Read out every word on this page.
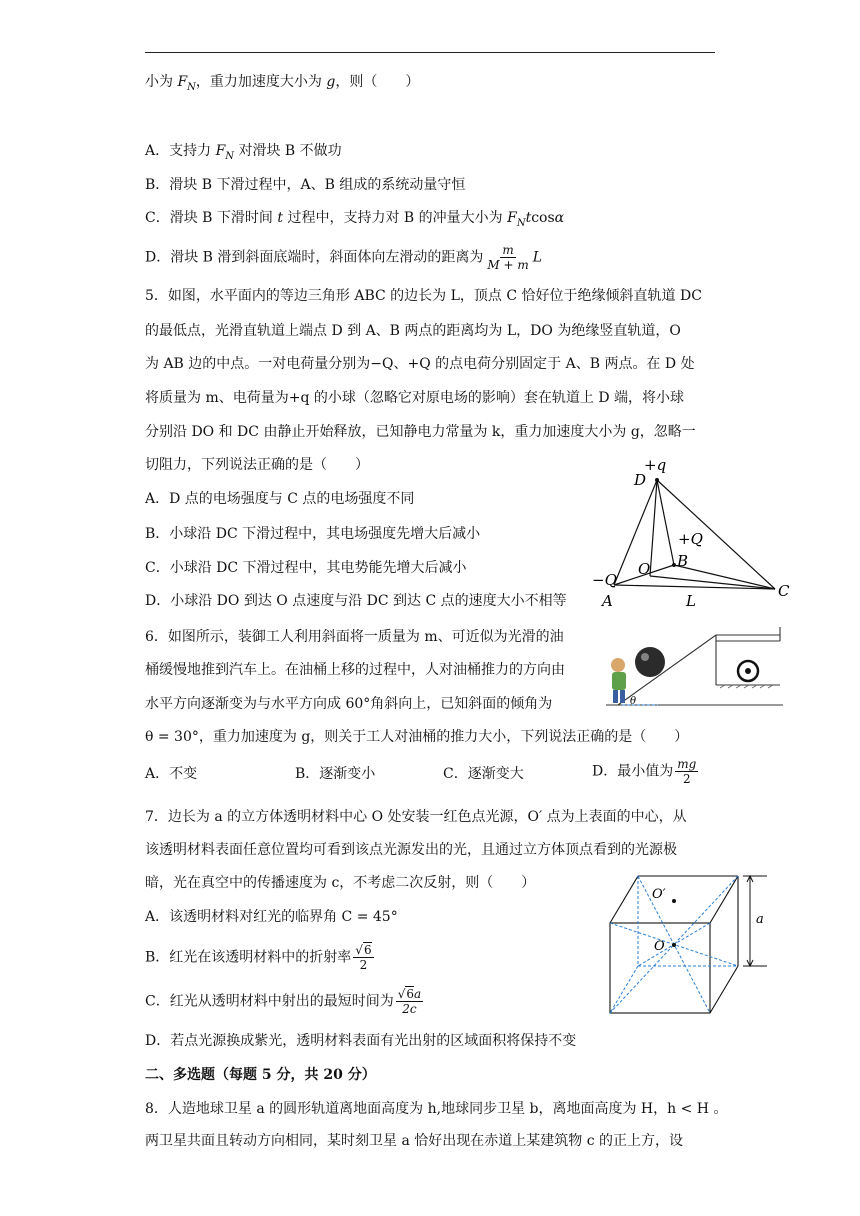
小为 $F_N$，重力加速度大小为 g，则（　　）
A．支持力 $F_N$ 对滑块 B 不做功
B．滑块 B 下滑过程中，A、B 组成的系统动量守恒
C．滑块 B 下滑时间 t 过程中，支持力对 B 的冲量大小为 $F_Ntcos\alpha$
D．滑块 B 滑到斜面底端时，斜面体向左滑动的距离为 $\frac{m}{M + m}$ L
5．如图，水平面内的等边三角形 ABC 的边长为 L，顶点 C 恰好位于绝缘倾斜直轨道 DC
的最低点，光滑直轨道上端点 D 到 A、B 两点的距离均为 L，DO 为绝缘竖直轨道，O
为 AB 边的中点。一对电荷量分别为−Q、+Q 的点电荷分别固定于 A、B 两点。在 D 处
将质量为 m、电荷量为+q 的小球（忽略它对原电场的影响）套在轨道上 D 端，将小球
分别沿 DO 和 DC 由静止开始释放，已知静电力常量为 k，重力加速度大小为 g，忽略一
切阻力，下列说法正确的是（　　）
A．D 点的电场强度与 C 点的电场强度不同
B．小球沿 DC 下滑过程中，其电场强度先增大后减小
C．小球沿 DC 下滑过程中，其电势能先增大后减小
D．小球沿 DO 到达 O 点速度与沿 DC 到达 C 点的速度大小不相等
+q
D
+Q
O B
−Q
A	L
C
6．如图所示，装御工人利用斜面将一质量为 m、可近似为光滑的油
桶缓慢地推到汽车上。在油桶上移的过程中，人对油桶推力的方向由
水平方向逐渐变为与水平方向成 60°角斜向上，已知斜面的倾角为
θ = 30°，重力加速度为 g，则关于工人对油桶的推力大小，下列说法正确的是（　　）
A．不变	B．逐渐变小	C．逐渐变大	D．最小值为 $\frac{mg}{2}$
θ
7．边长为 a 的立方体透明材料中心 O 处安装一红色点光源，O′ 点为上表面的中心，从
该透明材料表面任意位置均可看到该点光源发出的光，且通过立方体顶点看到的光源极
暗，光在真空中的传播速度为 c，不考虑二次反射，则（　　）
A．该透明材料对红光的临界角 C = 45°
B．红光在该透明材料中的折射率 $\frac{√6}{2}$
C．红光从透明材料中射出的最短时间为 $\frac{√6a}{2c}$
D．若点光源换成紫光，透明材料表面有光出射的区域面积将保持不变
O′
O
a
二、多选题（每题 5 分，共 20 分）
8．人造地球卫星 a 的圆形轨道离地面高度为 h,地球同步卫星 b，离地面高度为 H，h < H 。
两卫星共面且转动方向相同，某时刻卫星 a 恰好出现在赤道上某建筑物 c 的正上方，设
